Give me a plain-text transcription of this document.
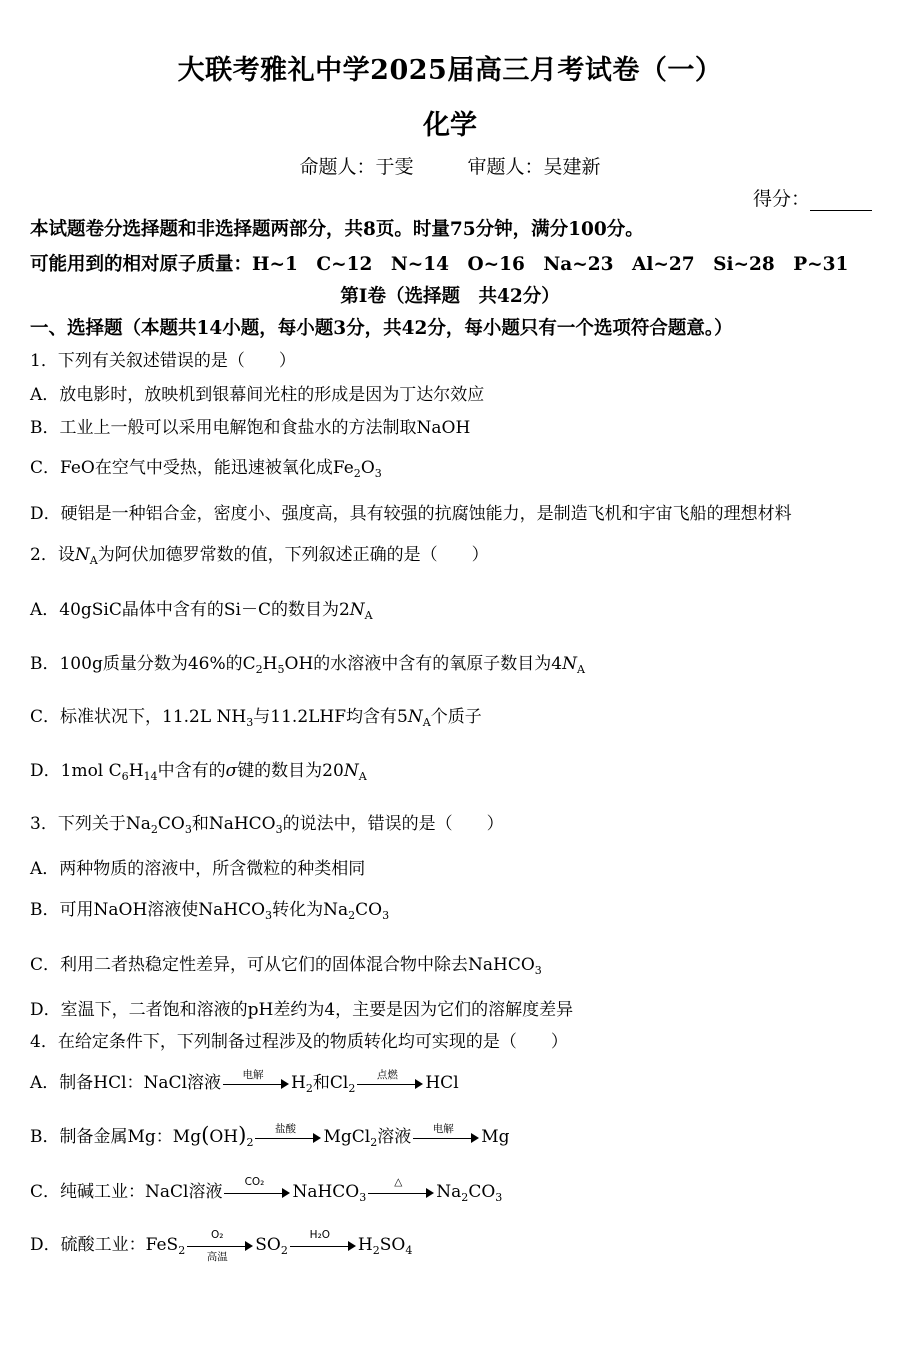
大联考雅礼中学2025届高三月考试卷（一）
化学
命题人：于雯	审题人：吴建新
得分：
本试题卷分选择题和非选择题两部分，共8页。时量75分钟，满分100分。
可能用到的相对原子质量：H~1　C~12　N~14　O~16　Na~23　Al~27　Si~28　P~31
第Ⅰ卷（选择题　共42分）
一、选择题（本题共14小题，每小题3分，共42分，每小题只有一个选项符合题意。）
1．下列有关叙述错误的是（　　）
A．放电影时，放映机到银幕间光柱的形成是因为丁达尔效应
B．工业上一般可以采用电解饱和食盐水的方法制取NaOH
C．FeO在空气中受热，能迅速被氧化成$Fe_2O_3$
D．硬铝是一种铝合金，密度小、强度高，具有较强的抗腐蚀能力，是制造飞机和宇宙飞船的理想材料
2．设$N_A$为阿伏加德罗常数的值，下列叙述正确的是（　　）
A．40gSiC晶体中含有的Si－C的数目为$2N_A$
B．100g质量分数为46%的$C_2H_5OH$的水溶液中含有的氧原子数目为$4N_A$
C．标准状况下，11.2L $NH_3$与11.2LHF均含有$5N_A$个质子
D．1mol $C_6H_{14}$中含有的σ键的数目为$20N_A$
3．下列关于$Na_2CO_3$和NaHCO$_3$的说法中，错误的是（　　）
A．两种物质的溶液中，所含微粒的种类相同
B．可用NaOH溶液使NaHCO$_3$转化为$Na_2CO_3$
C．利用二者热稳定性差异，可从它们的固体混合物中除去NaHCO$_3$
D．室温下，二者饱和溶液的pH差约为4，主要是因为它们的溶解度差异
4．在给定条件下，下列制备过程涉及的物质转化均可实现的是（　　）
A．制备HCl：NaCl溶液	电解	$H_2$和$Cl_2$
点燃	HCl
B．制备金属Mg：$Mg(OH)_2$
盐酸	MgCl$_2$溶液	电解	Mg
C．纯碱工业：NaCl溶液
CO₂
NaHCO$_3$
△
$Na_2CO_3$
D．硫酸工业：FeS$_2$
O₂
高温
$SO_2$
H₂O
$H_2SO_4$
